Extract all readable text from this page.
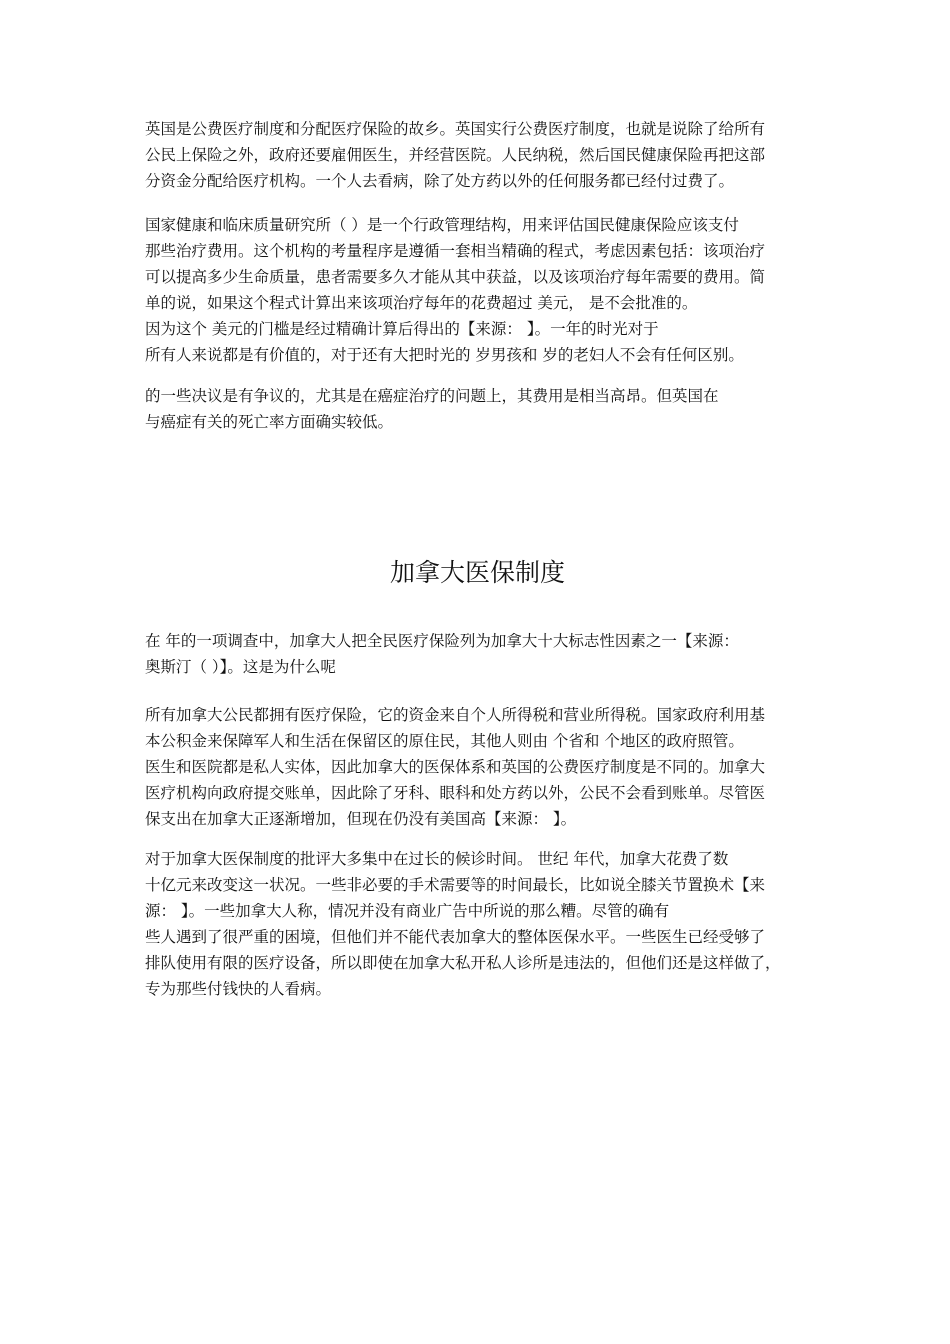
英国是公费医疗制度和分配医疗保险的故乡。英国实行公费医疗制度，也就是说除了给所有
公民上保险之外，政府还要雇佣医生，并经营医院。人民纳税，然后国民健康保险再把这部
分资金分配给医疗机构。一个人去看病，除了处方药以外的任何服务都已经付过费了。

国家健康和临床质量研究所（ ）是一个行政管理结构，用来评估国民健康保险应该支付
那些治疗费用。这个机构的考量程序是遵循一套相当精确的程式，考虑因素包括：该项治疗
可以提高多少生命质量，患者需要多久才能从其中获益，以及该项治疗每年需要的费用。简
单的说，如果这个程式计算出来该项治疗每年的花费超过 美元， 是不会批准的。
因为这个 美元的门槛是经过精确计算后得出的【来源： 】。一年的时光对于
所有人来说都是有价值的，对于还有大把时光的 岁男孩和 岁的老妇人不会有任何区别。

的一些决议是有争议的，尤其是在癌症治疗的问题上，其费用是相当高昂。但英国在
与癌症有关的死亡率方面确实较低。

加拿大医保制度

在 年的一项调查中，加拿大人把全民医疗保险列为加拿大十大标志性因素之一【来源：
奥斯汀（ ）】。这是为什么呢

所有加拿大公民都拥有医疗保险，它的资金来自个人所得税和营业所得税。国家政府利用基
本公积金来保障军人和生活在保留区的原住民，其他人则由 个省和 个地区的政府照管。
医生和医院都是私人实体，因此加拿大的医保体系和英国的公费医疗制度是不同的。加拿大
医疗机构向政府提交账单，因此除了牙科、眼科和处方药以外，公民不会看到账单。尽管医
保支出在加拿大正逐渐增加，但现在仍没有美国高【来源： 】。

对于加拿大医保制度的批评大多集中在过长的候诊时间。 世纪 年代，加拿大花费了数
十亿元来改变这一状况。一些非必要的手术需要等的时间最长，比如说全膝关节置换术【来
源： 】。一些加拿大人称，情况并没有商业广告中所说的那么糟。尽管的确有
些人遇到了很严重的困境，但他们并不能代表加拿大的整体医保水平。一些医生已经受够了
排队使用有限的医疗设备，所以即使在加拿大私开私人诊所是违法的，但他们还是这样做了，
专为那些付钱快的人看病。
